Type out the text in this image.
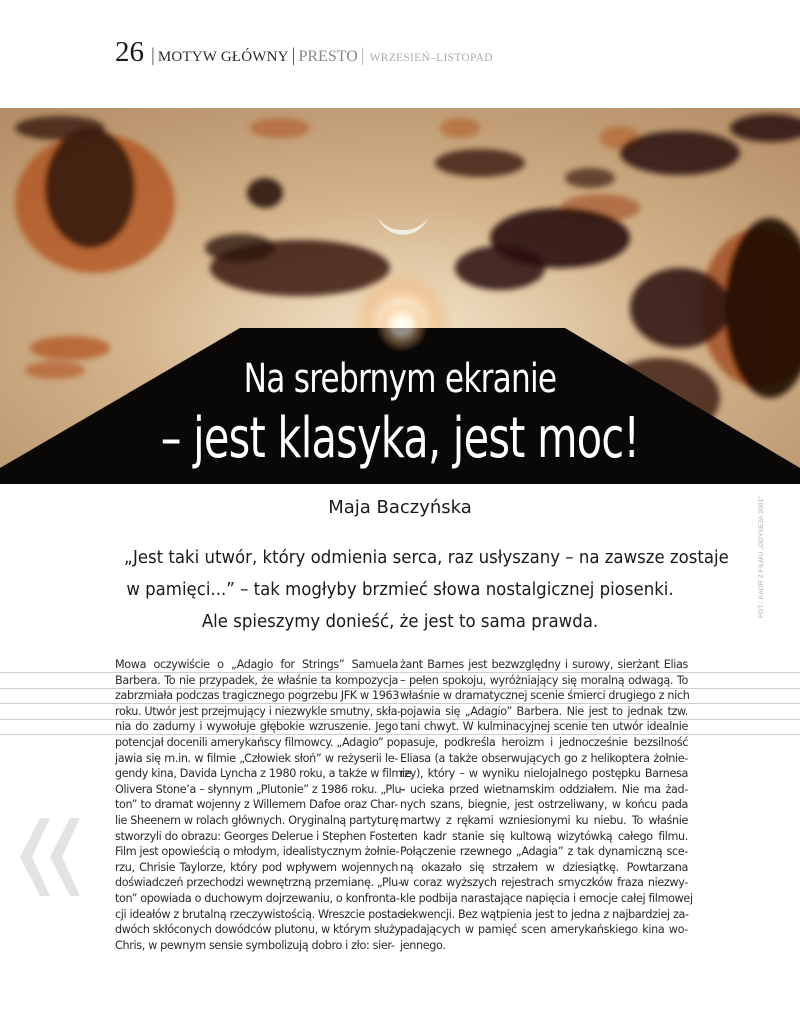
26 | MOTYW GŁÓWNY | PRESTO | WRZESIEŃ–LISTOPAD
Na srebrnym ekranie
– jest klasyka, jest moc!
FOT.: KADR Z FILMU „ODYSEJA 2001”
Maja Baczyńska
„Jest taki utwór, który odmienia serca, raz usłyszany – na zawsze zostaje
w pamięci...” – tak mogłyby brzmieć słowa nostalgicznej piosenki.
Ale spieszymy donieść, że jest to sama prawda.
Mowa oczywiście o „Adagio for Strings” Samuela
Barbera. To nie przypadek, że właśnie ta kompozycja
zabrzmiała podczas tragicznego pogrzebu JFK w 1963
roku. Utwór jest przejmujący i niezwykle smutny, skła-
nia do zadumy i wywołuje głębokie wzruszenie. Jego
potencjał docenili amerykańscy filmowcy. „Adagio” po-
jawia się m.in. w filmie „Człowiek słoń” w reżyserii le-
gendy kina, Davida Lyncha z 1980 roku, a także w filmie
Olivera Stone’a – słynnym „Plutonie” z 1986 roku. „Plu-
ton” to dramat wojenny z Willemem Dafoe oraz Char-
lie Sheenem w rolach głównych. Oryginalną partyturę
stworzyli do obrazu: Georges Delerue i Stephen Foster.
Film jest opowieścią o młodym, idealistycznym żołnie-
rzu, Chrisie Taylorze, który pod wpływem wojennych
doświadczeń przechodzi wewnętrzną przemianę. „Plu-
ton” opowiada o duchowym dojrzewaniu, o konfronta-
cji ideałów z brutalną rzeczywistością. Wreszcie postaci
dwóch skłóconych dowódców plutonu, w którym służy
Chris, w pewnym sensie symbolizują dobro i zło: sier-
żant Barnes jest bezwzględny i surowy, sierżant Elias
– pełen spokoju, wyróżniający się moralną odwagą. To
właśnie w dramatycznej scenie śmierci drugiego z nich
pojawia się „Adagio” Barbera. Nie jest to jednak tzw.
tani chwyt. W kulminacyjnej scenie ten utwór idealnie
pasuje, podkreśla heroizm i jednocześnie bezsilność
Eliasa (a także obserwujących go z helikoptera żołnie-
rzy), który – w wyniku nielojalnego postępku Barnesa
– ucieka przed wietnamskim oddziałem. Nie ma żad-
nych szans, biegnie, jest ostrzeliwany, w końcu pada
martwy z rękami wzniesionymi ku niebu. To właśnie
ten kadr stanie się kultową wizytówką całego filmu.
Połączenie rzewnego „Adagia” z tak dynamiczną sce-
ną okazało się strzałem w dziesiątkę. Powtarzana
w coraz wyższych rejestrach smyczków fraza niezwy-
kle podbija narastające napięcia i emocje całej filmowej
sekwencji. Bez wątpienia jest to jedna z najbardziej za-
padających w pamięć scen amerykańskiego kina wo-
jennego.
